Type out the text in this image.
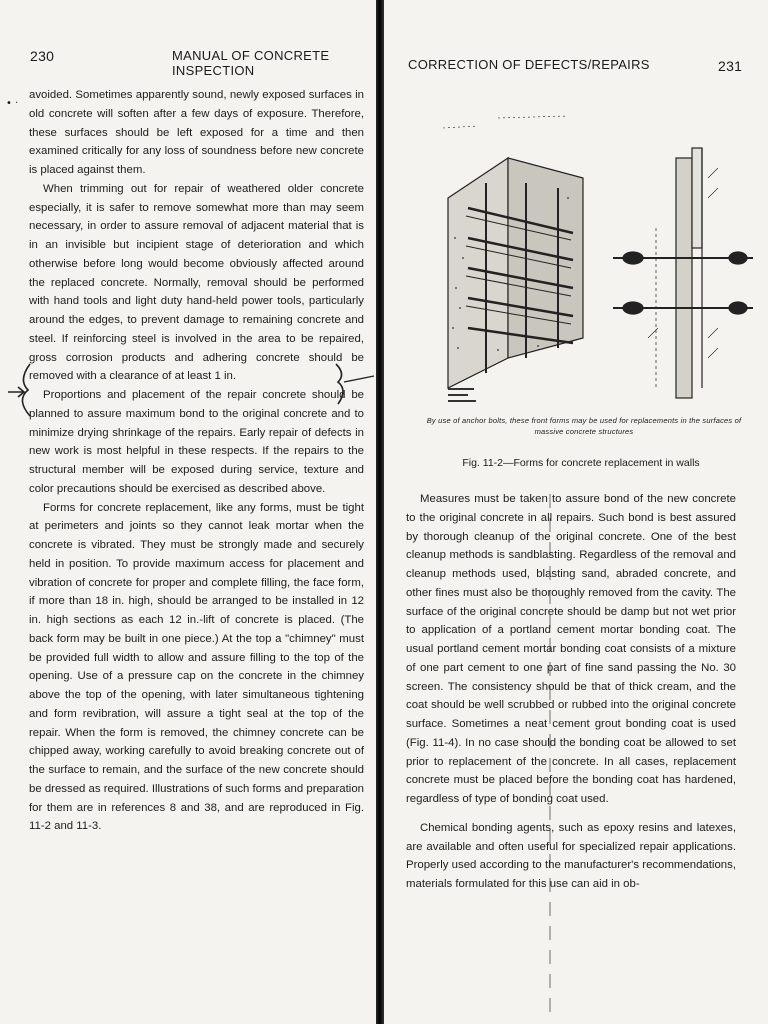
230	MANUAL OF CONCRETE INSPECTION

avoided. Sometimes apparently sound, newly exposed surfaces in old concrete will soften after a few days of exposure. Therefore, these surfaces should be left exposed for a time and then examined critically for any loss of soundness before new concrete is placed against them.

When trimming out for repair of weathered older concrete especially, it is safer to remove somewhat more than may seem necessary, in order to assure removal of adjacent material that is in an invisible but incipient stage of deterioration and which otherwise before long would become obviously affected around the replaced concrete. Normally, removal should be performed with hand tools and light duty hand-held power tools, particularly around the edges, to prevent damage to remaining concrete and steel. If reinforcing steel is involved in the area to be repaired, gross corrosion products and adhering concrete should be removed with a clearance of at least 1 in.

Proportions and placement of the repair concrete should be planned to assure maximum bond to the original concrete and to minimize drying shrinkage of the repairs. Early repair of defects in new work is most helpful in these respects. If the repairs to the structural member will be exposed during service, texture and color precautions should be exercised as described above.

Forms for concrete replacement, like any forms, must be tight at perimeters and joints so they cannot leak mortar when the concrete is vibrated. They must be strongly made and securely held in position. To provide maximum access for placement and vibration of concrete for proper and complete filling, the face form, if more than 18 in. high, should be arranged to be installed in 12 in. high sections as each 12 in.-lift of concrete is placed. (The back form may be built in one piece.) At the top a "chimney" must be provided full width to allow and assure filling to the top of the opening. Use of a pressure cap on the concrete in the chimney above the top of the opening, with later simultaneous tightening and form revibration, will assure a tight seal at the top of the repair. When the form is removed, the chimney concrete can be chipped away, working carefully to avoid breaking concrete out of the surface to remain, and the surface of the new concrete should be dressed as required. Illustrations of such forms and preparation for them are in references 8 and 38, and are reproduced in Fig. 11-2 and 11-3.

• ·
CORRECTION OF DEFECTS/REPAIRS	231
By use of anchor bolts, these front forms may be used for replacements in the surfaces of massive concrete structures
Fig. 11-2—Forms for concrete replacement in walls

Measures must be taken to assure bond of the new concrete to the original concrete in all repairs. Such bond is best assured by thorough cleanup of the original concrete. One of the best cleanup methods is sandblasting. Regardless of the removal and cleanup methods used, blasting sand, abraded concrete, and other fines must also be thoroughly removed from the cavity. The surface of the original concrete should be damp but not wet prior to application of a portland cement mortar bonding coat. The usual portland cement mortar bonding coat consists of a mixture of one part cement to one part of fine sand passing the No. 30 screen. The consistency should be that of thick cream, and the coat should be well scrubbed or rubbed into the original concrete surface. Sometimes a neat cement grout bonding coat is used (Fig. 11-4). In no case should the bonding coat be allowed to set prior to replacement of the concrete. In all cases, replacement concrete must be placed before the bonding coat has hardened, regardless of type of bonding coat used.

Chemical bonding agents, such as epoxy resins and latexes, are available and often useful for specialized repair applications. Properly used according to the manufacturer's recommendations, materials formulated for this use can aid in ob-
